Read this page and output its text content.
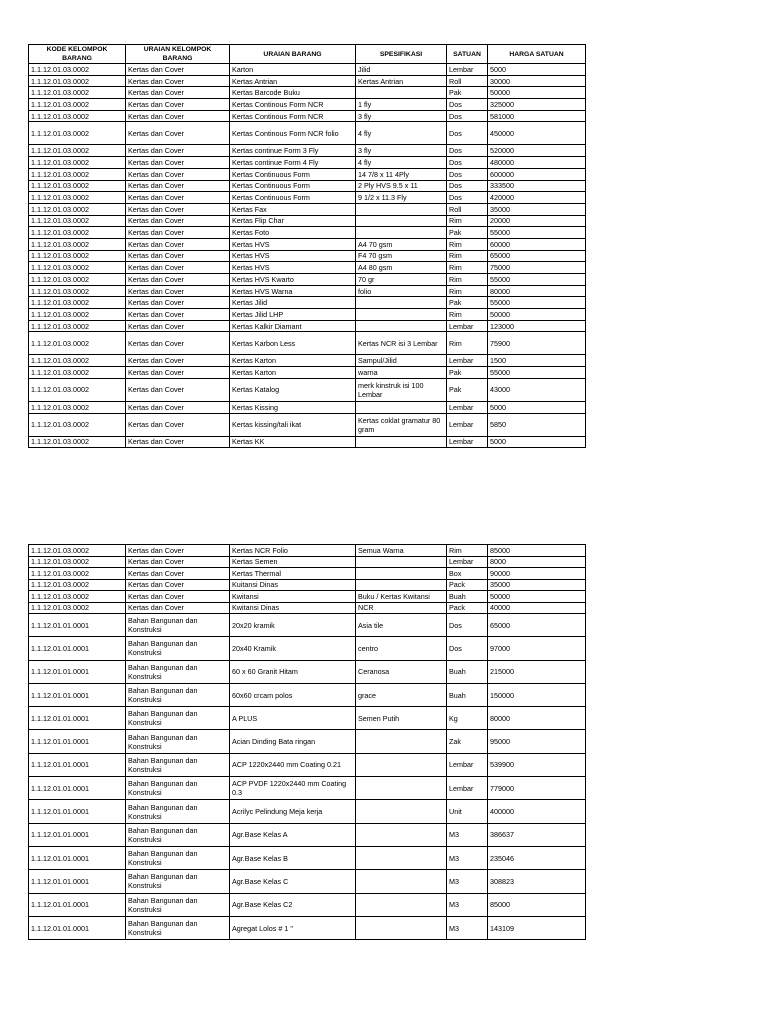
KODE KELOMPOK BARANG	URAIAN KELOMPOK BARANG	URAIAN BARANG	SPESIFIKASI	SATUAN	HARGA SATUAN
1.1.12.01.03.0002	Kertas dan Cover	Karton	Jilid	Lembar	5000
1.1.12.01.03.0002	Kertas dan Cover	Kertas Antrian	Kertas Antrian	Roll	30000
1.1.12.01.03.0002	Kertas dan Cover	Kertas Barcode Buku		Pak	50000
1.1.12.01.03.0002	Kertas dan Cover	Kertas Continous Form NCR	1 fly	Dos	325000
1.1.12.01.03.0002	Kertas dan Cover	Kertas Continous Form NCR	3 fly	Dos	581000
1.1.12.01.03.0002	Kertas dan Cover	Kertas Continous Form NCR folio	4 fly	Dos	450000
1.1.12.01.03.0002	Kertas dan Cover	Kertas continue Form 3 Fly	3 fly	Dos	520000
1.1.12.01.03.0002	Kertas dan Cover	Kertas continue Form 4 Fly	4 fly	Dos	480000
1.1.12.01.03.0002	Kertas dan Cover	Kertas Continuous Form	14 7/8 x 11 4Ply	Dos	600000
1.1.12.01.03.0002	Kertas dan Cover	Kertas Continuous Form	2 Ply HVS 9.5 x 11	Dos	333500
1.1.12.01.03.0002	Kertas dan Cover	Kertas Continuous Form	9 1/2 x 11.3 Fly	Dos	420000
1.1.12.01.03.0002	Kertas dan Cover	Kertas Fax		Roll	35000
1.1.12.01.03.0002	Kertas dan Cover	Kertas Flip Char		Rim	20000
1.1.12.01.03.0002	Kertas dan Cover	Kertas Foto		Pak	55000
1.1.12.01.03.0002	Kertas dan Cover	Kertas HVS	A4 70 gsm	Rim	60000
1.1.12.01.03.0002	Kertas dan Cover	Kertas HVS	F4 70 gsm	Rim	65000
1.1.12.01.03.0002	Kertas dan Cover	Kertas HVS	A4 80 gsm	Rim	75000
1.1.12.01.03.0002	Kertas dan Cover	Kertas HVS Kwarto	70 gr	Rim	55000
1.1.12.01.03.0002	Kertas dan Cover	Kertas HVS Warna	folio	Rim	80000
1.1.12.01.03.0002	Kertas dan Cover	Kertas Jilid		Pak	55000
1.1.12.01.03.0002	Kertas dan Cover	Kertas Jilid LHP		Rim	50000
1.1.12.01.03.0002	Kertas dan Cover	Kertas Kalkir Diamant		Lembar	123000
1.1.12.01.03.0002	Kertas dan Cover	Kertas Karbon Less	Kertas NCR isi 3 Lembar	Rim	75900
1.1.12.01.03.0002	Kertas dan Cover	Kertas Karton	Sampul/Jilid	Lembar	1500
1.1.12.01.03.0002	Kertas dan Cover	Kertas Karton	warna	Pak	55000
1.1.12.01.03.0002	Kertas dan Cover	Kertas Katalog	merk kinstruk isi 100 Lembar	Pak	43000
1.1.12.01.03.0002	Kertas dan Cover	Kertas Kissing		Lembar	5000
1.1.12.01.03.0002	Kertas dan Cover	Kertas kissing/tali ikat	Kertas coklat gramatur 80 gram	Lembar	5850
1.1.12.01.03.0002	Kertas dan Cover	Kertas KK		Lembar	5000
1.1.12.01.03.0002	Kertas dan Cover	Kertas NCR Folio	Semua Warna	Rim	85000
1.1.12.01.03.0002	Kertas dan Cover	Kertas Semen		Lembar	8000
1.1.12.01.03.0002	Kertas dan Cover	Kertas Thermal		Box	90000
1.1.12.01.03.0002	Kertas dan Cover	Kuitansi Dinas		Pack	35000
1.1.12.01.03.0002	Kertas dan Cover	Kwitansi	Buku / Kertas Kwitansi	Buah	50000
1.1.12.01.03.0002	Kertas dan Cover	Kwitansi Dinas	NCR	Pack	40000
1.1.12.01.01.0001	Bahan Bangunan dan Konstruksi	20x20 kramik	Asia tile	Dos	65000
1.1.12.01.01.0001	Bahan Bangunan dan Konstruksi	20x40 Kramik	centro	Dos	97000
1.1.12.01.01.0001	Bahan Bangunan dan Konstruksi	60 x 60 Granit Hitam	Ceranosa	Buah	215000
1.1.12.01.01.0001	Bahan Bangunan dan Konstruksi	60x60 crcam polos	grace	Buah	150000
1.1.12.01.01.0001	Bahan Bangunan dan Konstruksi	A PLUS	Semen Putih	Kg	80000
1.1.12.01.01.0001	Bahan Bangunan dan Konstruksi	Acian Dinding Bata ringan		Zak	95000
1.1.12.01.01.0001	Bahan Bangunan dan Konstruksi	ACP 1220x2440 mm Coating 0.21		Lembar	539900
1.1.12.01.01.0001	Bahan Bangunan dan Konstruksi	ACP PVDF 1220x2440 mm Coating 0.3		Lembar	779000
1.1.12.01.01.0001	Bahan Bangunan dan Konstruksi	Acrilyc Pelindung Meja kerja		Unit	400000
1.1.12.01.01.0001	Bahan Bangunan dan Konstruksi	Agr.Base Kelas A		M3	386637
1.1.12.01.01.0001	Bahan Bangunan dan Konstruksi	Agr.Base Kelas B		M3	235046
1.1.12.01.01.0001	Bahan Bangunan dan Konstruksi	Agr.Base Kelas C		M3	308823
1.1.12.01.01.0001	Bahan Bangunan dan Konstruksi	Agr.Base Kelas C2		M3	85000
1.1.12.01.01.0001	Bahan Bangunan dan Konstruksi	Agregat Lolos # 1 "		M3	143109
